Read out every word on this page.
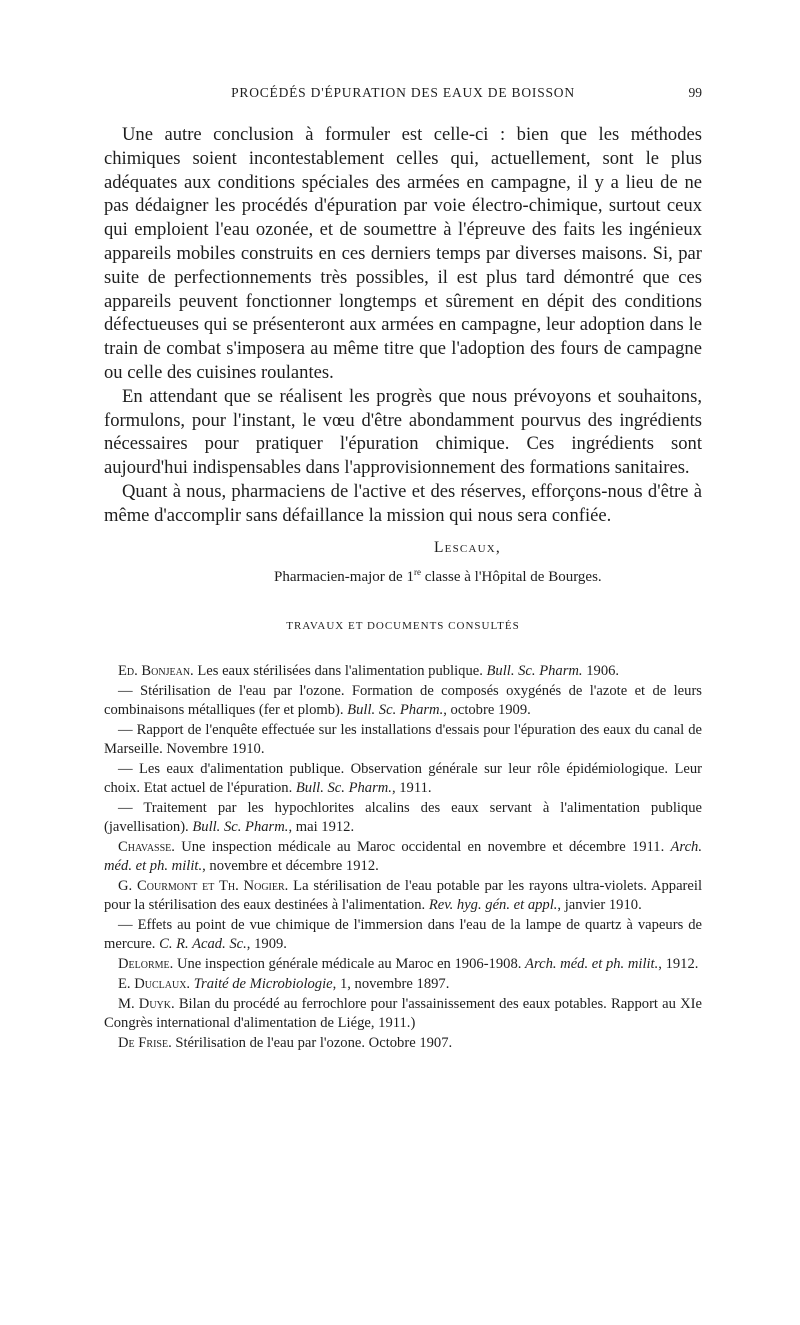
PROCÉDÉS D'ÉPURATION DES EAUX DE BOISSON	99

Une autre conclusion à formuler est celle-ci : bien que les méthodes chimiques soient incontestablement celles qui, actuellement, sont le plus adéquates aux conditions spéciales des armées en campagne, il y a lieu de ne pas dédaigner les procédés d'épuration par voie électro-chimique, surtout ceux qui emploient l'eau ozonée, et de soumettre à l'épreuve des faits les ingénieux appareils mobiles construits en ces derniers temps par diverses maisons. Si, par suite de perfectionnements très possibles, il est plus tard démontré que ces appareils peuvent fonctionner longtemps et sûrement en dépit des conditions défectueuses qui se présenteront aux armées en campagne, leur adoption dans le train de combat s'imposera au même titre que l'adoption des fours de campagne ou celle des cuisines roulantes.

En attendant que se réalisent les progrès que nous prévoyons et souhaitons, formulons, pour l'instant, le vœu d'être abondamment pourvus des ingrédients nécessaires pour pratiquer l'épuration chimique. Ces ingrédients sont aujourd'hui indispensables dans l'approvisionnement des formations sanitaires.

Quant à nous, pharmaciens de l'active et des réserves, efforçons-nous d'être à même d'accomplir sans défaillance la mission qui nous sera confiée.

Lescaux,
Pharmacien-major de 1re classe à l'Hôpital de Bourges.
TRAVAUX ET DOCUMENTS CONSULTÉS

Ed. Bonjean. Les eaux stérilisées dans l'alimentation publique. Bull. Sc. Pharm. 1906.

— Stérilisation de l'eau par l'ozone. Formation de composés oxygénés de l'azote et de leurs combinaisons métalliques (fer et plomb). Bull. Sc. Pharm., octobre 1909.

— Rapport de l'enquête effectuée sur les installations d'essais pour l'épuration des eaux du canal de Marseille. Novembre 1910.

— Les eaux d'alimentation publique. Observation générale sur leur rôle épidémiologique. Leur choix. Etat actuel de l'épuration. Bull. Sc. Pharm., 1911.

— Traitement par les hypochlorites alcalins des eaux servant à l'alimentation publique (javellisation). Bull. Sc. Pharm., mai 1912.

Chavasse. Une inspection médicale au Maroc occidental en novembre et décembre 1911. Arch. méd. et ph. milit., novembre et décembre 1912.

G. Courmont et Th. Nogier. La stérilisation de l'eau potable par les rayons ultra-violets. Appareil pour la stérilisation des eaux destinées à l'alimentation. Rev. hyg. gén. et appl., janvier 1910.

— Effets au point de vue chimique de l'immersion dans l'eau de la lampe de quartz à vapeurs de mercure. C. R. Acad. Sc., 1909.

Delorme. Une inspection générale médicale au Maroc en 1906-1908. Arch. méd. et ph. milit., 1912.

E. Duclaux. Traité de Microbiologie, 1, novembre 1897.

M. Duyk. Bilan du procédé au ferrochlore pour l'assainissement des eaux potables. Rapport au XIe Congrès international d'alimentation de Liége, 1911.)

De Frise. Stérilisation de l'eau par l'ozone. Octobre 1907.
